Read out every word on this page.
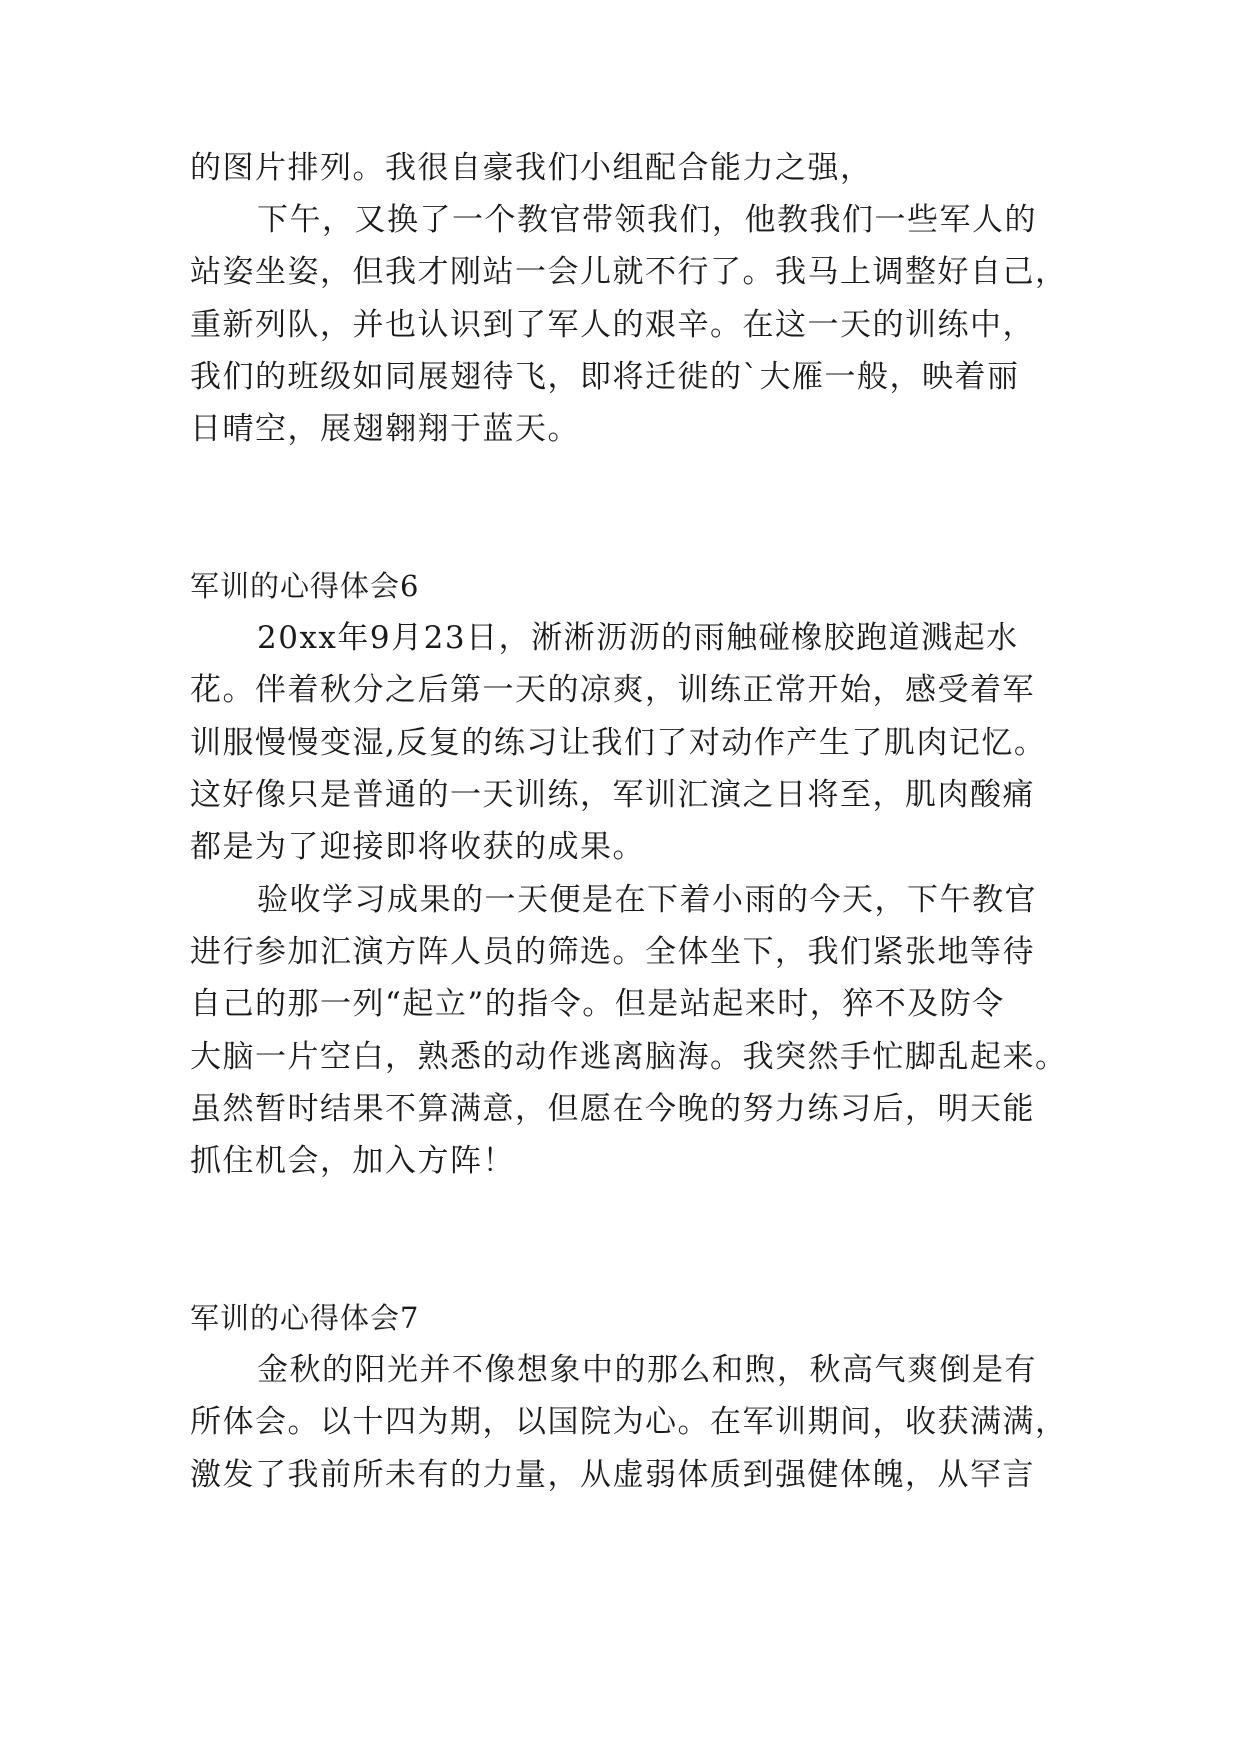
的图片排列。我很自豪我们小组配合能力之强，
下午，又换了一个教官带领我们，他教我们一些军人的
站姿坐姿，但我才刚站一会儿就不行了。我马上调整好自己，
重新列队，并也认识到了军人的艰辛。在这一天的训练中，
我们的班级如同展翅待飞，即将迁徙的`大雁一般，映着丽
日晴空，展翅翱翔于蓝天。
军训的心得体会6
20xx年9月23日，淅淅沥沥的雨触碰橡胶跑道溅起水
花。伴着秋分之后第一天的凉爽，训练正常开始，感受着军
训服慢慢变湿,反复的练习让我们了对动作产生了肌肉记忆。
这好像只是普通的一天训练，军训汇演之日将至，肌肉酸痛
都是为了迎接即将收获的成果。
验收学习成果的一天便是在下着小雨的今天，下午教官
进行参加汇演方阵人员的筛选。全体坐下，我们紧张地等待
自己的那一列“起立”的指令。但是站起来时，猝不及防令
大脑一片空白，熟悉的动作逃离脑海。我突然手忙脚乱起来。
虽然暂时结果不算满意，但愿在今晚的努力练习后，明天能
抓住机会，加入方阵！
军训的心得体会7
金秋的阳光并不像想象中的那么和煦，秋高气爽倒是有
所体会。以十四为期，以国院为心。在军训期间，收获满满，
激发了我前所未有的力量，从虚弱体质到强健体魄，从罕言
